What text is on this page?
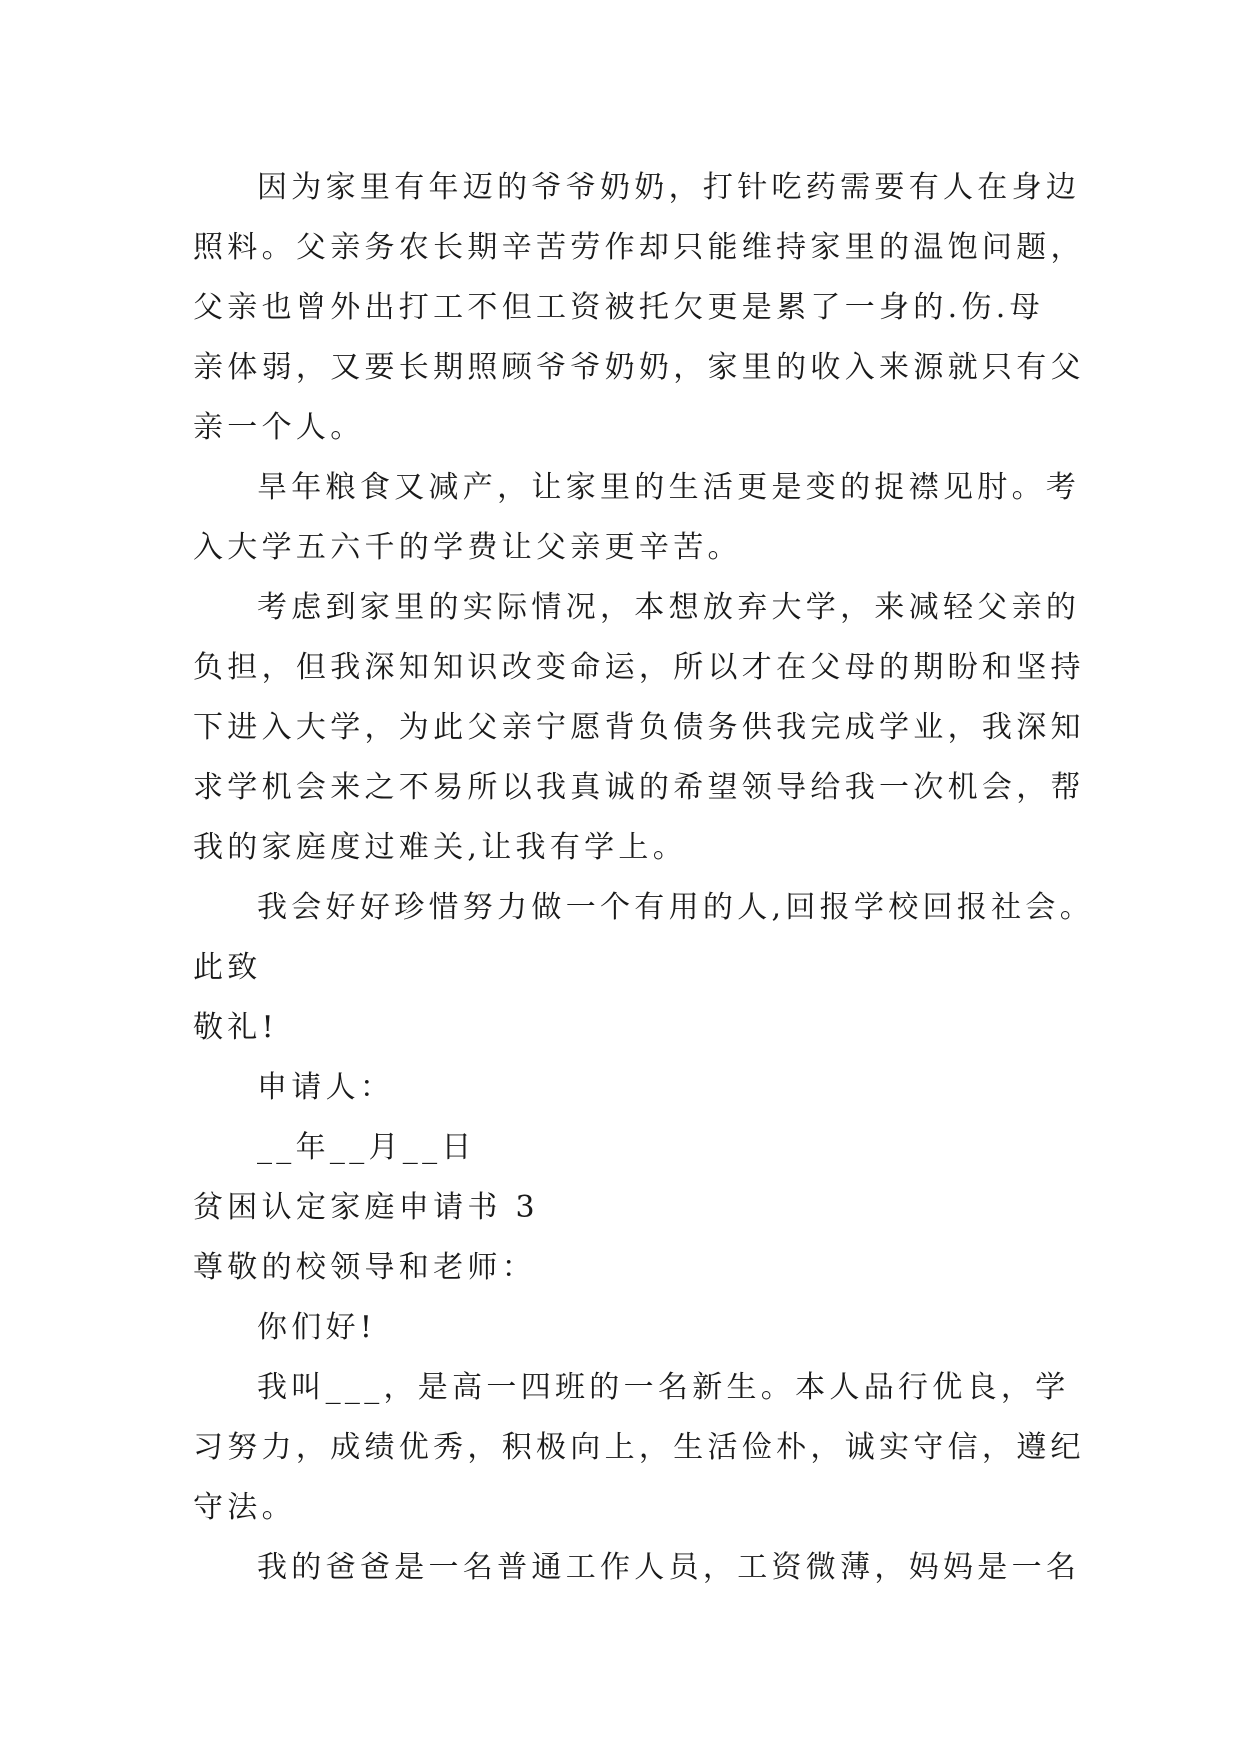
因为家里有年迈的爷爷奶奶，打针吃药需要有人在身边
照料。父亲务农长期辛苦劳作却只能维持家里的温饱问题，
父亲也曾外出打工不但工资被托欠更是累了一身的.伤.母
亲体弱，又要长期照顾爷爷奶奶，家里的收入来源就只有父
亲一个人。
旱年粮食又减产，让家里的生活更是变的捉襟见肘。考
入大学五六千的学费让父亲更辛苦。
考虑到家里的实际情况，本想放弃大学，来减轻父亲的
负担，但我深知知识改变命运，所以才在父母的期盼和坚持
下进入大学，为此父亲宁愿背负债务供我完成学业，我深知
求学机会来之不易所以我真诚的希望领导给我一次机会，帮
我的家庭度过难关,让我有学上。
我会好好珍惜努力做一个有用的人,回报学校回报社会。
此致
敬礼!
申请人：
__年__月__日
贫困认定家庭申请书 3
尊敬的校领导和老师：
你们好!
我叫___，是高一四班的一名新生。本人品行优良，学
习努力，成绩优秀，积极向上，生活俭朴，诚实守信，遵纪
守法。
我的爸爸是一名普通工作人员，工资微薄，妈妈是一名
